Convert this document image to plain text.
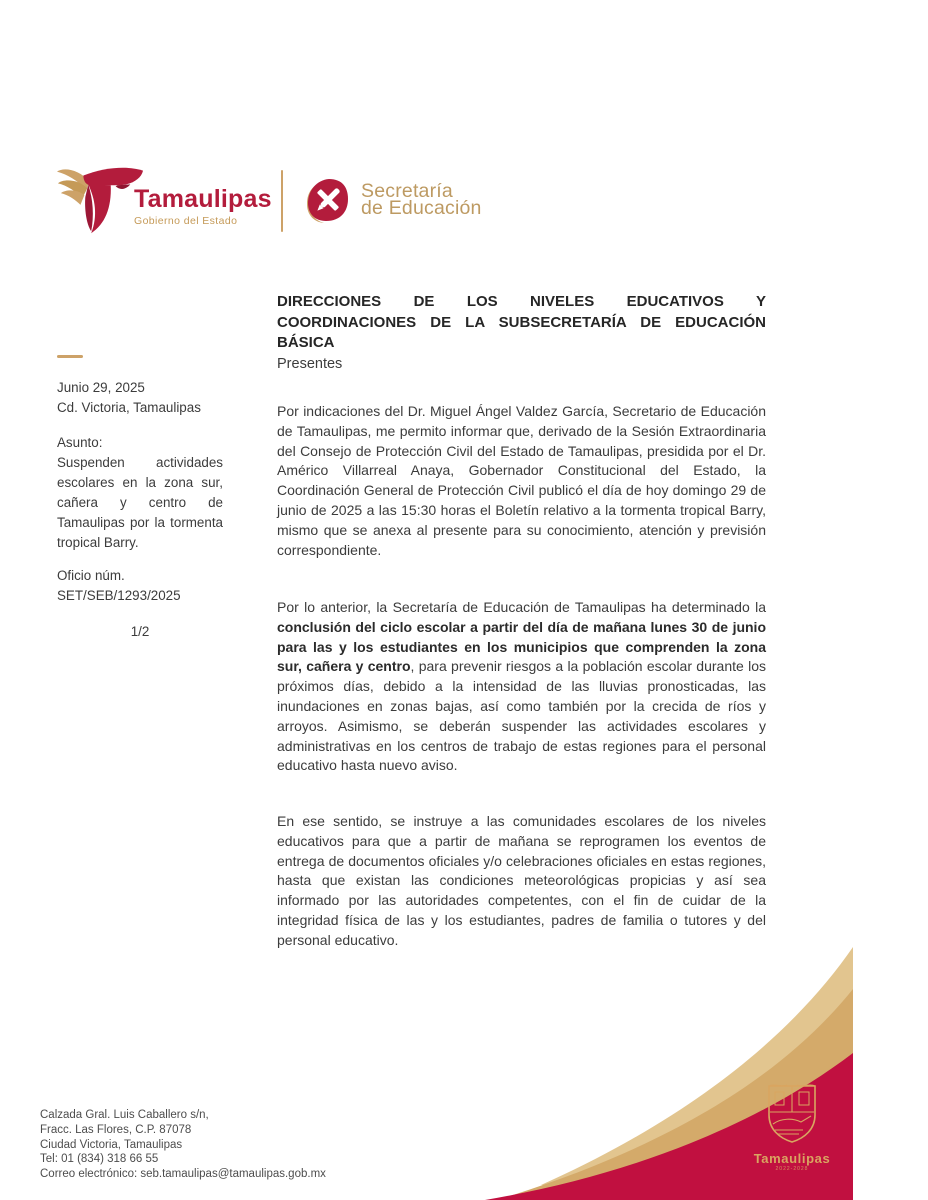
Tamaulipas
Gobierno del Estado
Secretaría
de Educación
DIRECCIONES DE LOS NIVELES EDUCATIVOS Y
COORDINACIONES DE LA SUBSECRETARÍA DE EDUCACIÓN
BÁSICA
Presentes
Junio 29, 2025
Cd. Victoria, Tamaulipas
Asunto:
Suspenden actividades escolares en la zona sur, cañera y centro de Tamaulipas por la tormenta tropical Barry.
Oficio núm.
SET/SEB/1293/2025
1/2

Por indicaciones del Dr. Miguel Ángel Valdez García, Secretario de Educación de Tamaulipas, me permito informar que, derivado de la Sesión Extraordinaria del Consejo de Protección Civil del Estado de Tamaulipas, presidida por el Dr. Américo Villarreal Anaya, Gobernador Constitucional del Estado, la Coordinación General de Protección Civil publicó el día de hoy domingo 29 de junio de 2025 a las 15:30 horas el Boletín relativo a la tormenta tropical Barry, mismo que se anexa al presente para su conocimiento, atención y previsión correspondiente.

Por lo anterior, la Secretaría de Educación de Tamaulipas ha determinado la conclusión del ciclo escolar a partir del día de mañana lunes 30 de junio para las y los estudiantes en los municipios que comprenden la zona sur, cañera y centro, para prevenir riesgos a la población escolar durante los próximos días, debido a la intensidad de las lluvias pronosticadas, las inundaciones en zonas bajas, así como también por la crecida de ríos y arroyos. Asimismo, se deberán suspender las actividades escolares y administrativas en los centros de trabajo de estas regiones para el personal educativo hasta nuevo aviso.

En ese sentido, se instruye a las comunidades escolares de los niveles educativos para que a partir de mañana se reprogramen los eventos de entrega de documentos oficiales y/o celebraciones oficiales en estas regiones, hasta que existan las condiciones meteorológicas propicias y así sea informado por las autoridades competentes, con el fin de cuidar de la integridad física de las y los estudiantes, padres de familia o tutores y del personal educativo.

Tamaulipas
2022-2028
Calzada Gral. Luis Caballero s/n,
Fracc. Las Flores, C.P. 87078
Ciudad Victoria, Tamaulipas
Tel: 01 (834) 318 66 55
Correo electrónico: seb.tamaulipas@tamaulipas.gob.mx
